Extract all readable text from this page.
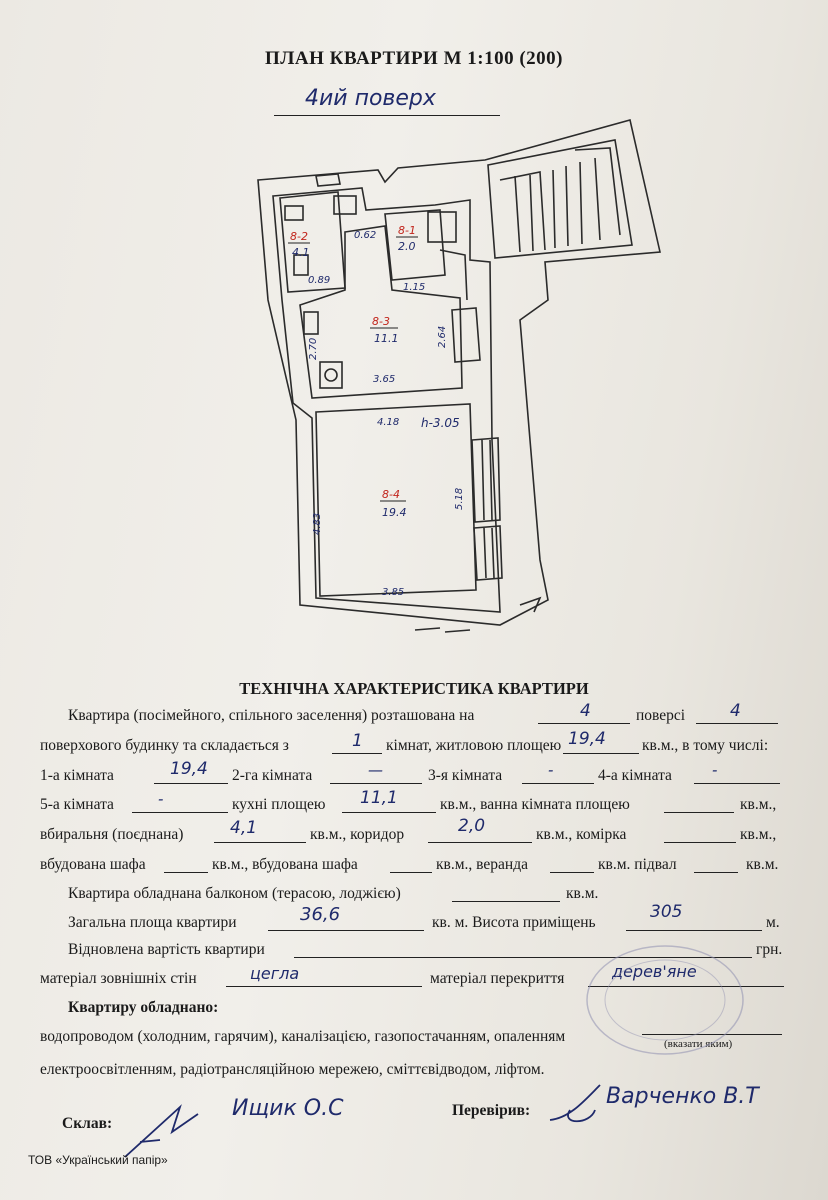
ПЛАН КВАРТИРИ М 1:100 (200)
4ий поверх
8-2
4.1
8-1
2.0
8-3
11.1
8-4
19.4
0.62
0.89
1.15
2.64
2.70
3.65
4.18 h-3.05
4.83
5.18
3.85
ТЕХНІЧНА ХАРАКТЕРИСТИКА КВАРТИРИ
Квартира (посімейного, спільного заселення) розташована на	4	поверсі	4
поверхового будинку та складається з	1 кімнат, житловою площею 19,4 кв.м., в тому числі:
1-а кімната	19,4 2-га кімната	—	3-я кімната	-	4-а кімната	-
5-а кімната	-	кухні площею 11,1	кв.м., ванна кімната площею	кв.м.,
вбиральня (поєднана)	4,1	кв.м., коридор	2,0	кв.м., комірка	кв.м.,
вбудована шафа	кв.м., вбудована шафа	кв.м., веранда	кв.м. підвал	кв.м.
Квартира обладнана балконом (терасою, лоджією)	кв.м.
Загальна площа квартири	36,6	кв. м. Висота приміщень
305
м.
Відновлена вартість квартири	грн.
матеріал зовнішніх стін	цегла	матеріал перекриття	дерев'яне
Квартиру обладнано:
водопроводом (холодним, гарячим), каналізацією, газопостачанням, опаленням	(вказати яким)
електроосвітленням, радіотрансляційною мережею, сміттєвідводом, ліфтом.
Склав:
Ищик О.С	Перевірив:
Варченко В.Т
ТОВ «Український папір»
